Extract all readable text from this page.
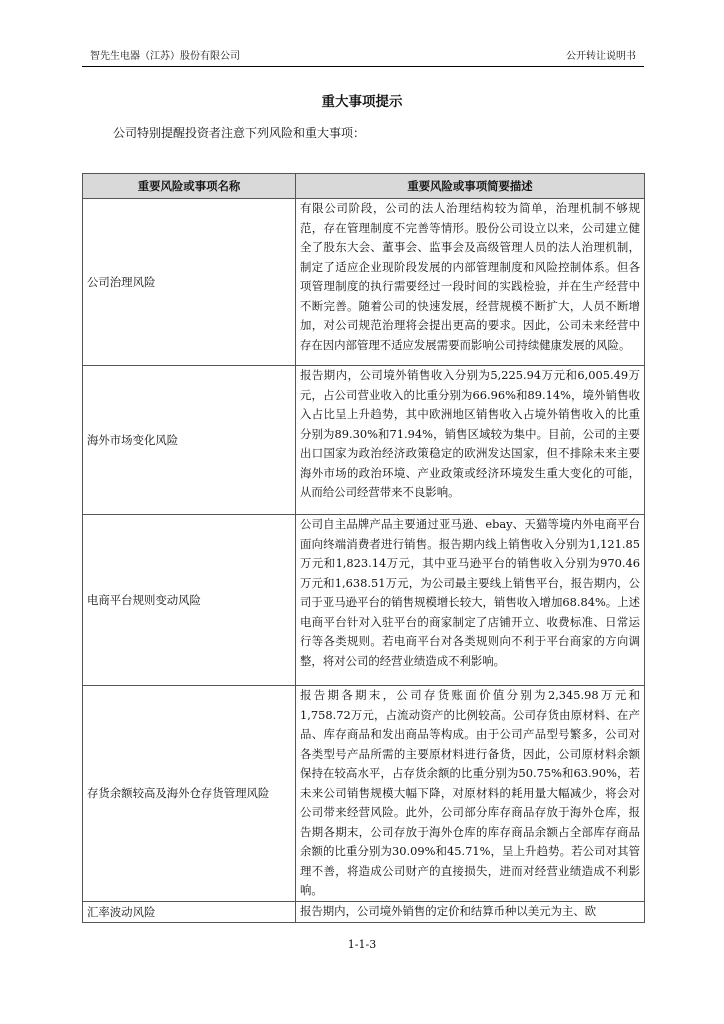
智先生电器（江苏）股份有限公司	公开转让说明书
重大事项提示
公司特别提醒投资者注意下列风险和重大事项：
重要风险或事项名称	重要风险或事项简要描述
公司治理风险	有限公司阶段，公司的法人治理结构较为简单，治理机制不够规范，存在管理制度不完善等情形。股份公司设立以来，公司建立健全了股东大会、董事会、监事会及高级管理人员的法人治理机制，制定了适应企业现阶段发展的内部管理制度和风险控制体系。但各项管理制度的执行需要经过一段时间的实践检验，并在生产经营中不断完善。随着公司的快速发展，经营规模不断扩大，人员不断增加，对公司规范治理将会提出更高的要求。因此，公司未来经营中存在因内部管理不适应发展需要而影响公司持续健康发展的风险。
海外市场变化风险	报告期内，公司境外销售收入分别为5,225.94万元和6,005.49万元，占公司营业收入的比重分别为66.96%和89.14%，境外销售收入占比呈上升趋势，其中欧洲地区销售收入占境外销售收入的比重分别为89.30%和71.94%，销售区域较为集中。目前，公司的主要出口国家为政治经济政策稳定的欧洲发达国家，但不排除未来主要海外市场的政治环境、产业政策或经济环境发生重大变化的可能，从而给公司经营带来不良影响。
电商平台规则变动风险	公司自主品牌产品主要通过亚马逊、ebay、天猫等境内外电商平台面向终端消费者进行销售。报告期内线上销售收入分别为1,121.85万元和1,823.14万元，其中亚马逊平台的销售收入分别为970.46万元和1,638.51万元，为公司最主要线上销售平台，报告期内，公司于亚马逊平台的销售规模增长较大，销售收入增加68.84%。上述电商平台针对入驻平台的商家制定了店铺开立、收费标准、日常运行等各类规则。若电商平台对各类规则向不利于平台商家的方向调整，将对公司的经营业绩造成不利影响。
存货余额较高及海外仓存货管理风险	报告期各期末，公司存货账面价值分别为2,345.98万元和1,758.72万元，占流动资产的比例较高。公司存货由原材料、在产品、库存商品和发出商品等构成。由于公司产品型号繁多，公司对各类型号产品所需的主要原材料进行备货，因此，公司原材料余额保持在较高水平，占存货余额的比重分别为50.75%和63.90%，若未来公司销售规模大幅下降，对原材料的耗用量大幅减少，将会对公司带来经营风险。此外，公司部分库存商品存放于海外仓库，报告期各期末，公司存放于海外仓库的库存商品余额占全部库存商品余额的比重分别为30.09%和45.71%，呈上升趋势。若公司对其管理不善，将造成公司财产的直接损失，进而对经营业绩造成不利影响。
汇率波动风险	报告期内，公司境外销售的定价和结算币种以美元为主、欧
1-1-3
